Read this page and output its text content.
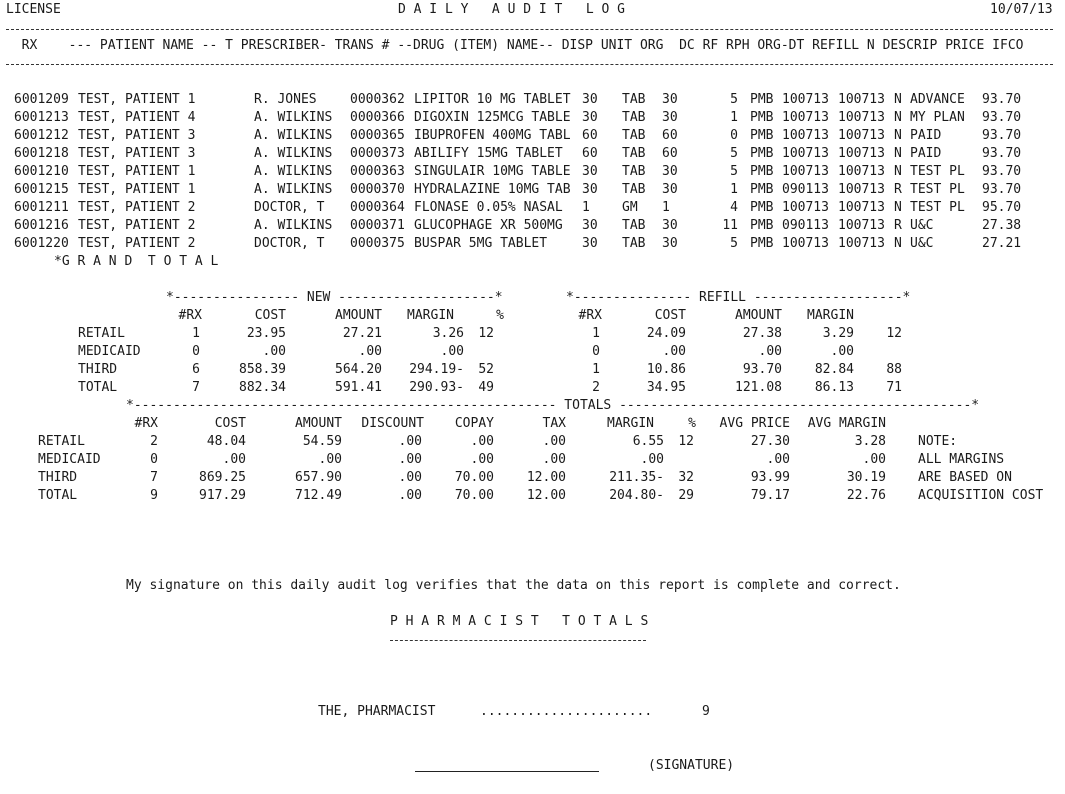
LICENSE	D A I L Y   A U D I T   L O G	10/07/13
RX    --- PATIENT NAME -- T PRESCRIBER- TRANS # --DRUG (ITEM) NAME-- DISP UNIT ORG  DC RF RPH ORG-DT REFILL N DESCRIP PRICE IFCO
6001209 TEST, PATIENT 1	R. JONES	0000362 LIPITOR 10 MG TABLET 30 TAB 30	5 PMB 100713 100713 N ADVANCE 93.70
6001213 TEST, PATIENT 4	A. WILKINS 0000366 DIGOXIN 125MCG TABLE 30 TAB 30	1 PMB 100713 100713 N MY PLAN 93.70
6001212 TEST, PATIENT 3	A. WILKINS 0000365 IBUPROFEN 400MG TABL 60 TAB 60	0 PMB 100713 100713 N PAID	93.70
6001218 TEST, PATIENT 3	A. WILKINS 0000373 ABILIFY 15MG TABLET 60 TAB 60	5 PMB 100713 100713 N PAID	93.70
6001210 TEST, PATIENT 1	A. WILKINS 0000363 SINGULAIR 10MG TABLE 30 TAB 30	5 PMB 100713 100713 N TEST PL 93.70
6001215 TEST, PATIENT 1	A. WILKINS 0000370 HYDRALAZINE 10MG TAB 30 TAB 30	1 PMB 090113 100713 R TEST PL 93.70
6001211 TEST, PATIENT 2	DOCTOR, T 0000364 FLONASE 0.05% NASAL 1 GM 1	4 PMB 100713 100713 N TEST PL 95.70
6001216 TEST, PATIENT 2	A. WILKINS 0000371 GLUCOPHAGE XR 500MG 30 TAB 30	11 PMB 090113 100713 R U&C	27.38
6001220 TEST, PATIENT 2	DOCTOR, T 0000375 BUSPAR 5MG TABLET	30 TAB 30	5 PMB 100713 100713 N U&C	27.21
*G R A N D  T O T A L
*---------------- NEW --------------------*	*--------------- REFILL -------------------*
#RX	COST	AMOUNT	MARGIN	%	#RX	COST	AMOUNT	MARGIN
RETAIL	1	23.95	27.21	3.26 12	1	24.09	27.38	3.29	12
MEDICAID	0	.00	.00	.00	0	.00	.00	.00
THIRD	6	858.39	564.20	294.19- 52	1	10.86	93.70	82.84	88
TOTAL	7	882.34	591.41	290.93- 49	2	34.95	121.08	86.13	71
*------------------------------------------------------ TOTALS ---------------------------------------------*
#RX	COST	AMOUNT	DISCOUNT	COPAY	TAX	MARGIN	%	AVG PRICE	AVG MARGIN
RETAIL	2	48.04	54.59	.00	.00	.00	6.55	12	27.30	3.28 NOTE:
MEDICAID	0	.00	.00	.00	.00	.00	.00	.00	.00 ALL MARGINS
THIRD	7	869.25	657.90	.00	70.00	12.00	211.35-	32	93.99	30.19 ARE BASED ON
TOTAL	9	917.29	712.49	.00	70.00	12.00	204.80-	29	79.17	22.76 ACQUISITION COST
My signature on this daily audit log verifies that the data on this report is complete and correct.
P H A R M A C I S T   T O T A L S
THE, PHARMACIST	......................	9
(SIGNATURE)
